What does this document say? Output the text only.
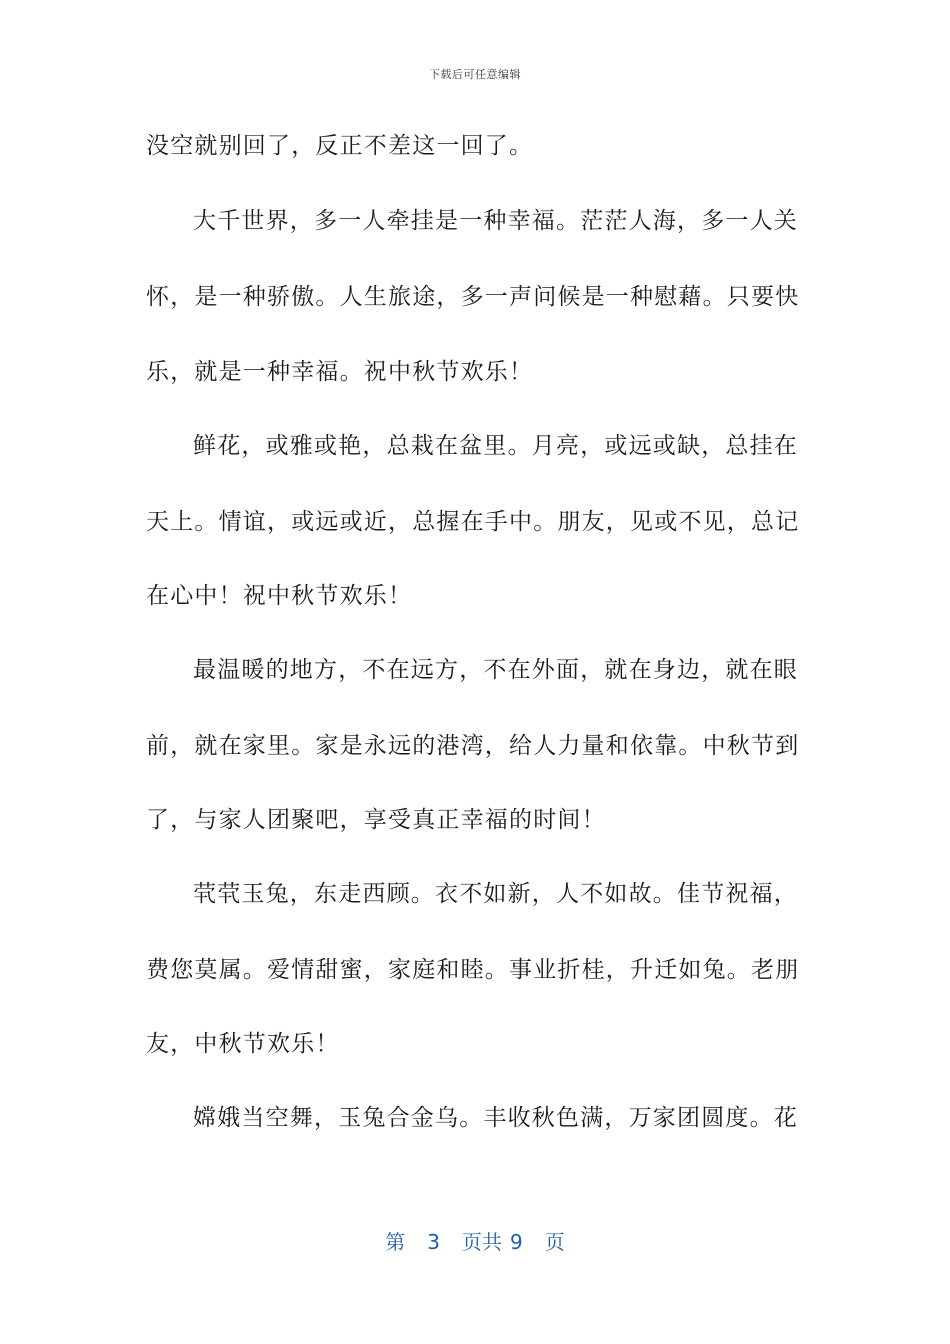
下载后可任意编辑
没空就别回了，反正不差这一回了。
大千世界，多一人牵挂是一种幸福。茫茫人海，多一人关
怀，是一种骄傲。人生旅途，多一声问候是一种慰藉。只要快
乐，就是一种幸福。祝中秋节欢乐！
鲜花，或雅或艳，总栽在盆里。月亮，或远或缺，总挂在
天上。情谊，或远或近，总握在手中。朋友，见或不见，总记
在心中！祝中秋节欢乐！
最温暖的地方，不在远方，不在外面，就在身边，就在眼
前，就在家里。家是永远的港湾，给人力量和依靠。中秋节到
了，与家人团聚吧，享受真正幸福的时间！
茕茕玉兔，东走西顾。衣不如新，人不如故。佳节祝福，
费您莫属。爱情甜蜜，家庭和睦。事业折桂，升迁如兔。老朋
友，中秋节欢乐！
嫦娥当空舞，玉兔合金乌。丰收秋色满，万家团圆度。花
第 3 页共 9 页
